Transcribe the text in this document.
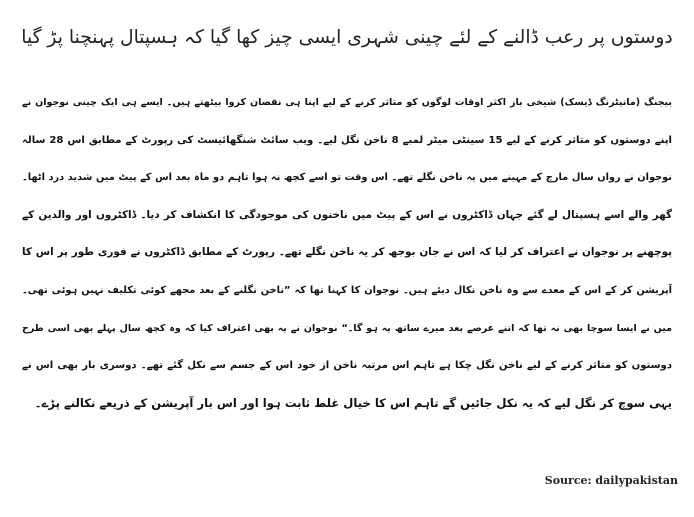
دوستوں پر رعب ڈالنے کے لئے چینی شہری ایسی چیز کھا گیا کہ ہسپتال پہنچنا پڑ گیا
بیجنگ (مانیٹرنگ ڈیسک) شیخی باز اکثر اوقات لوگوں کو متاثر کرنے کے لیے اپنا ہی نقصان کروا بیٹھتے ہیں۔ ایسے ہی ایک چینی نوجوان نے
اپنے دوستوں کو متاثر کرنے کے لیے 15 سینٹی میٹر لمبے 8 ناخن نگل لیے۔ ویب سائٹ شنگھائیسٹ کی رپورٹ کے مطابق اس 28 سالہ
نوجوان نے رواں سال مارچ کے مہینے میں یہ ناخن نگلے تھے۔ اس وقت تو اسے کچھ نہ ہوا تاہم دو ماہ بعد اس کے پیٹ میں شدید درد اٹھا۔
گھر والے اسے ہسپتال لے گئے جہاں ڈاکٹروں نے اس کے پیٹ میں ناخنوں کی موجودگی کا انکشاف کر دیا۔ ڈاکٹروں اور والدین کے
پوچھنے پر نوجوان نے اعتراف کر لیا کہ اس نے جان بوجھ کر یہ ناخن نگلے تھے۔ رپورٹ کے مطابق ڈاکٹروں نے فوری طور پر اس کا
آپریشن کر کے اس کے معدے سے وہ ناخن نکال دیئے ہیں۔ نوجوان کا کہنا تھا کہ ”ناخن نگلنے کے بعد مجھے کوئی تکلیف نہیں ہوئی تھی۔
میں نے ایسا سوچا بھی نہ تھا کہ اتنے عرصے بعد میرے ساتھ یہ ہو گا۔“ نوجوان نے یہ بھی اعتراف کیا کہ وہ کچھ سال پہلے بھی اسی طرح
دوستوں کو متاثر کرنے کے لیے ناخن نگل چکا ہے تاہم اس مرتبہ ناخن از خود اس کے جسم سے نکل گئے تھے۔ دوسری بار بھی اس نے
یہی سوچ کر نگل لیے کہ یہ نکل جائیں گے تاہم اس کا خیال غلط ثابت ہوا اور اس بار آپریشن کے ذریعے نکالنے پڑے۔
Source: dailypakistan
